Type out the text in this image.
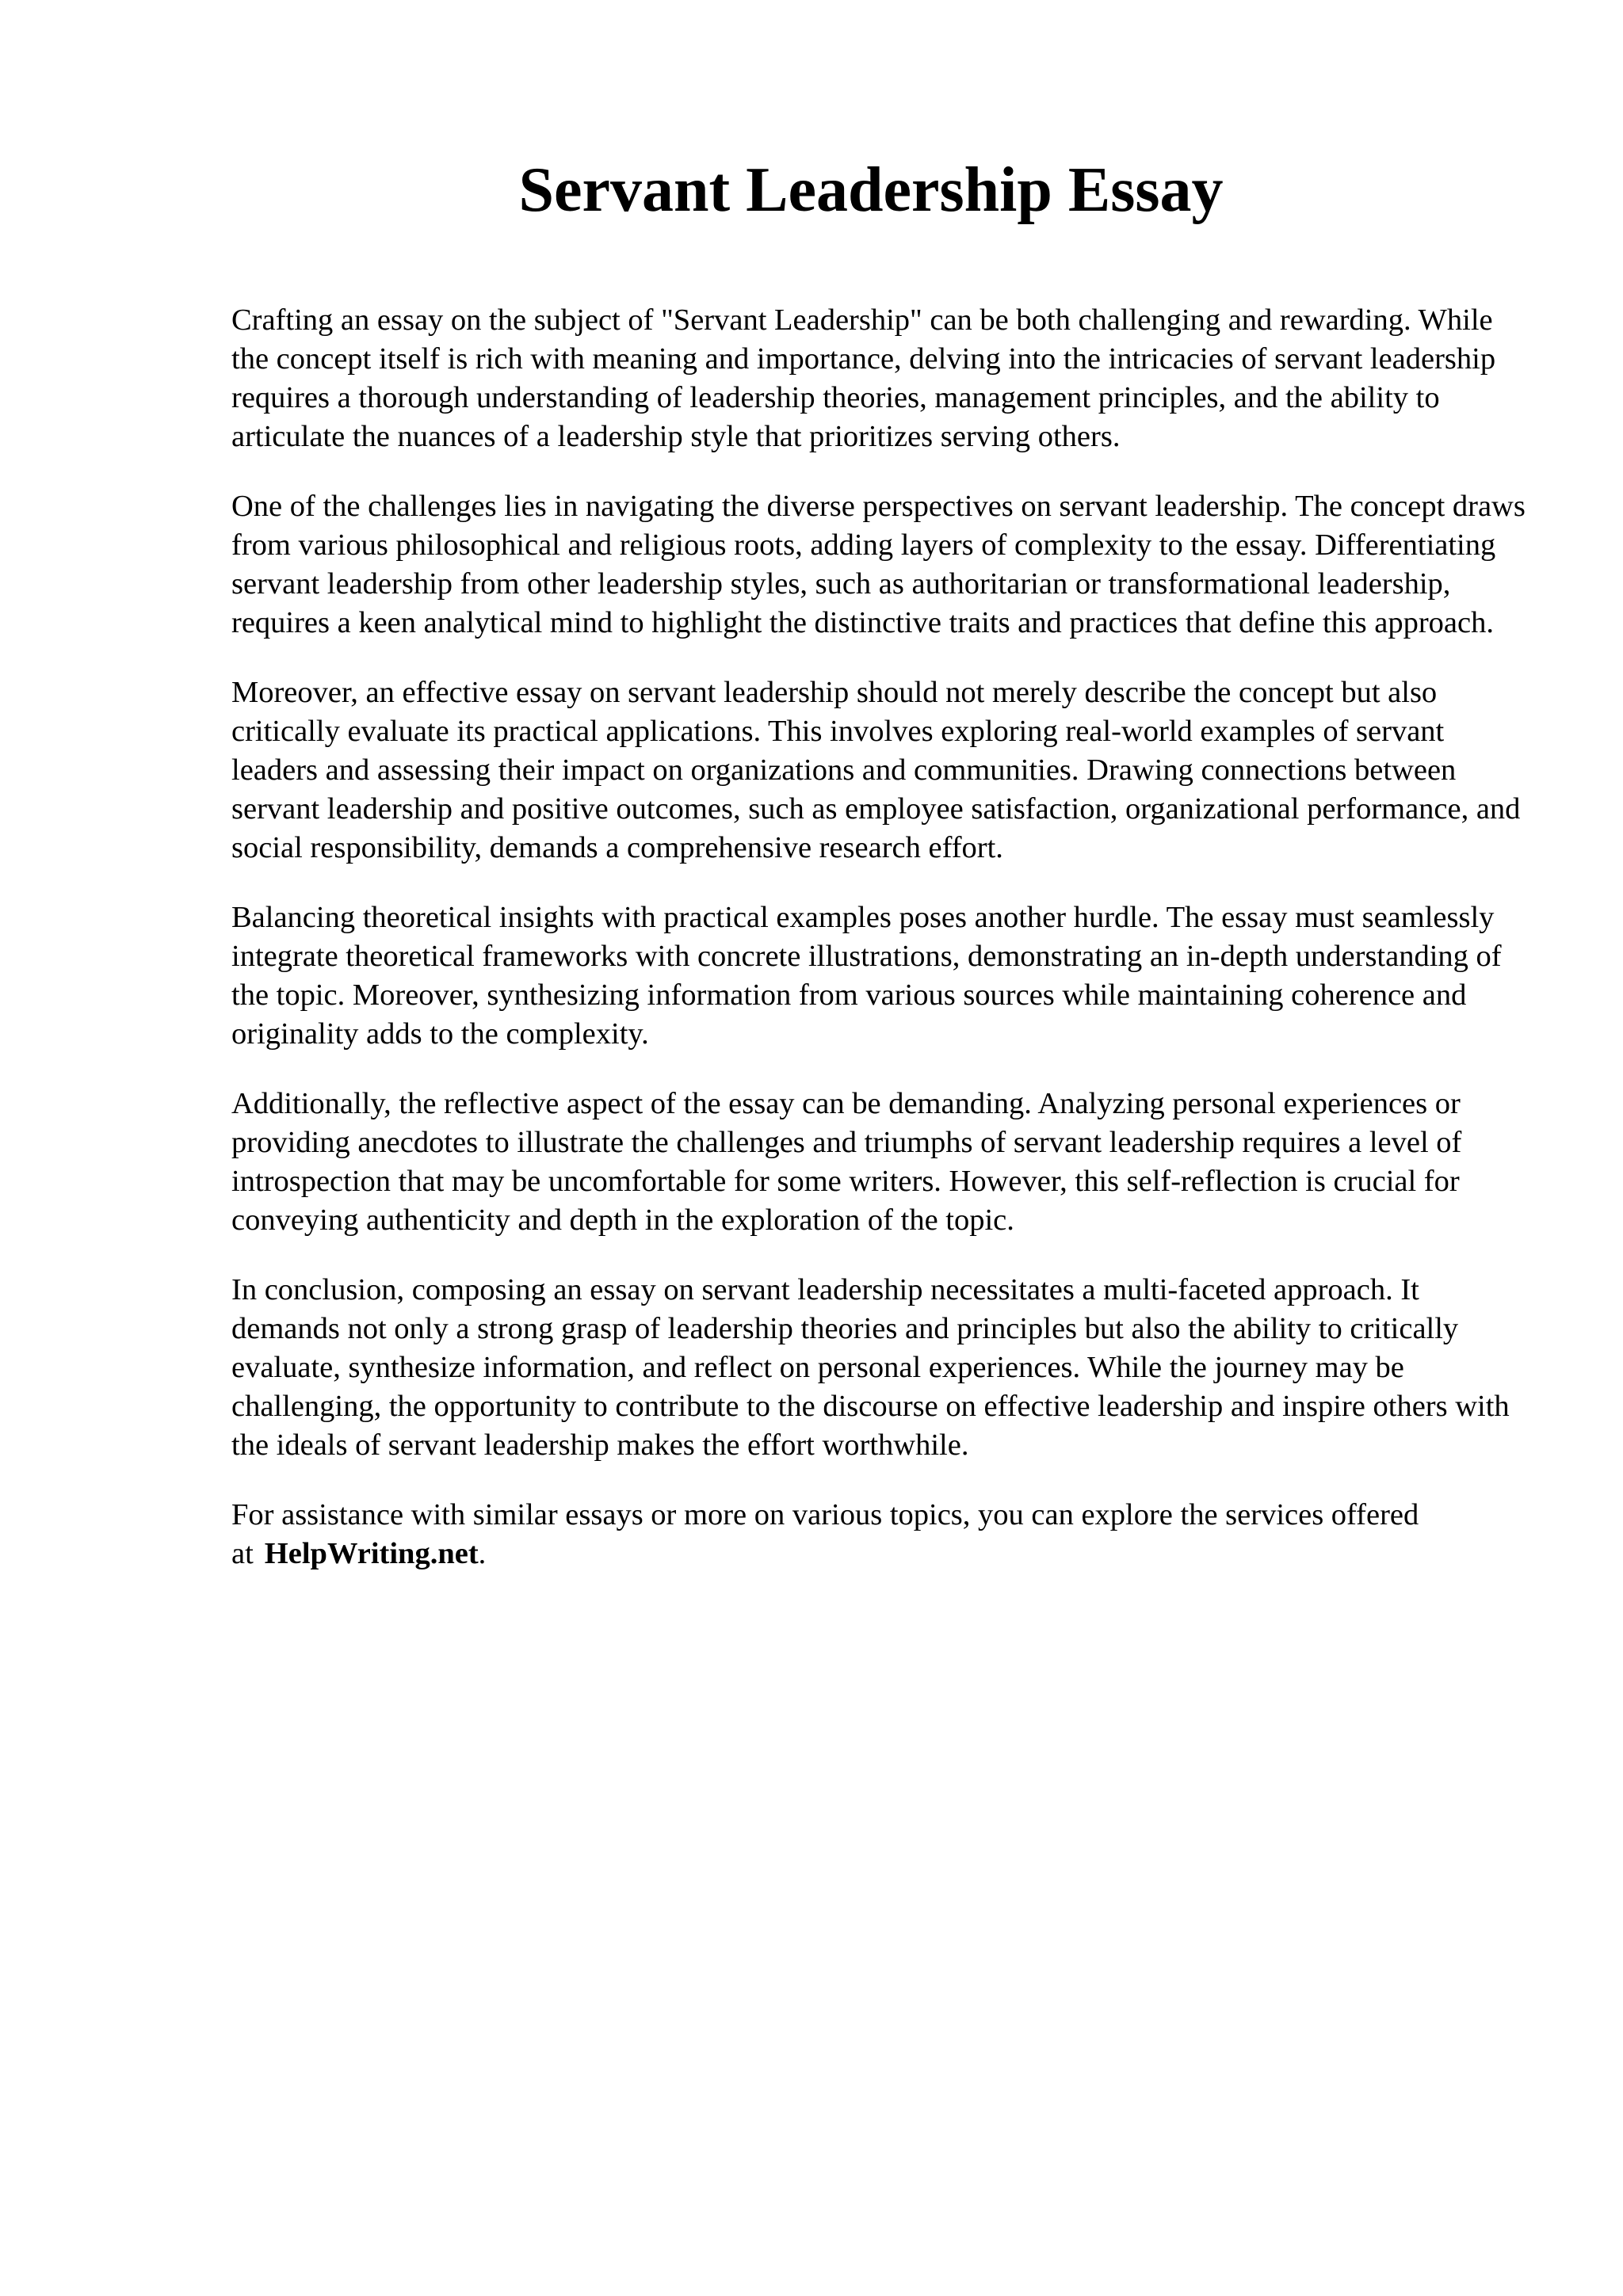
Servant Leadership Essay

Crafting an essay on the subject of "Servant Leadership" can be both challenging and rewarding. While the concept itself is rich with meaning and importance, delving into the intricacies of servant leadership requires a thorough understanding of leadership theories, management principles, and the ability to articulate the nuances of a leadership style that prioritizes serving others.

One of the challenges lies in navigating the diverse perspectives on servant leadership. The concept draws from various philosophical and religious roots, adding layers of complexity to the essay. Differentiating servant leadership from other leadership styles, such as authoritarian or transformational leadership, requires a keen analytical mind to highlight the distinctive traits and practices that define this approach.

Moreover, an effective essay on servant leadership should not merely describe the concept but also critically evaluate its practical applications. This involves exploring real-world examples of servant leaders and assessing their impact on organizations and communities. Drawing connections between servant leadership and positive outcomes, such as employee satisfaction, organizational performance, and social responsibility, demands a comprehensive research effort.

Balancing theoretical insights with practical examples poses another hurdle. The essay must seamlessly integrate theoretical frameworks with concrete illustrations, demonstrating an in-depth understanding of the topic. Moreover, synthesizing information from various sources while maintaining coherence and originality adds to the complexity.

Additionally, the reflective aspect of the essay can be demanding. Analyzing personal experiences or providing anecdotes to illustrate the challenges and triumphs of servant leadership requires a level of introspection that may be uncomfortable for some writers. However, this self-reflection is crucial for conveying authenticity and depth in the exploration of the topic.

In conclusion, composing an essay on servant leadership necessitates a multi-faceted approach. It demands not only a strong grasp of leadership theories and principles but also the ability to critically evaluate, synthesize information, and reflect on personal experiences. While the journey may be challenging, the opportunity to contribute to the discourse on effective leadership and inspire others with the ideals of servant leadership makes the effort worthwhile.

For assistance with similar essays or more on various topics, you can explore the services offered at HelpWriting.net.
